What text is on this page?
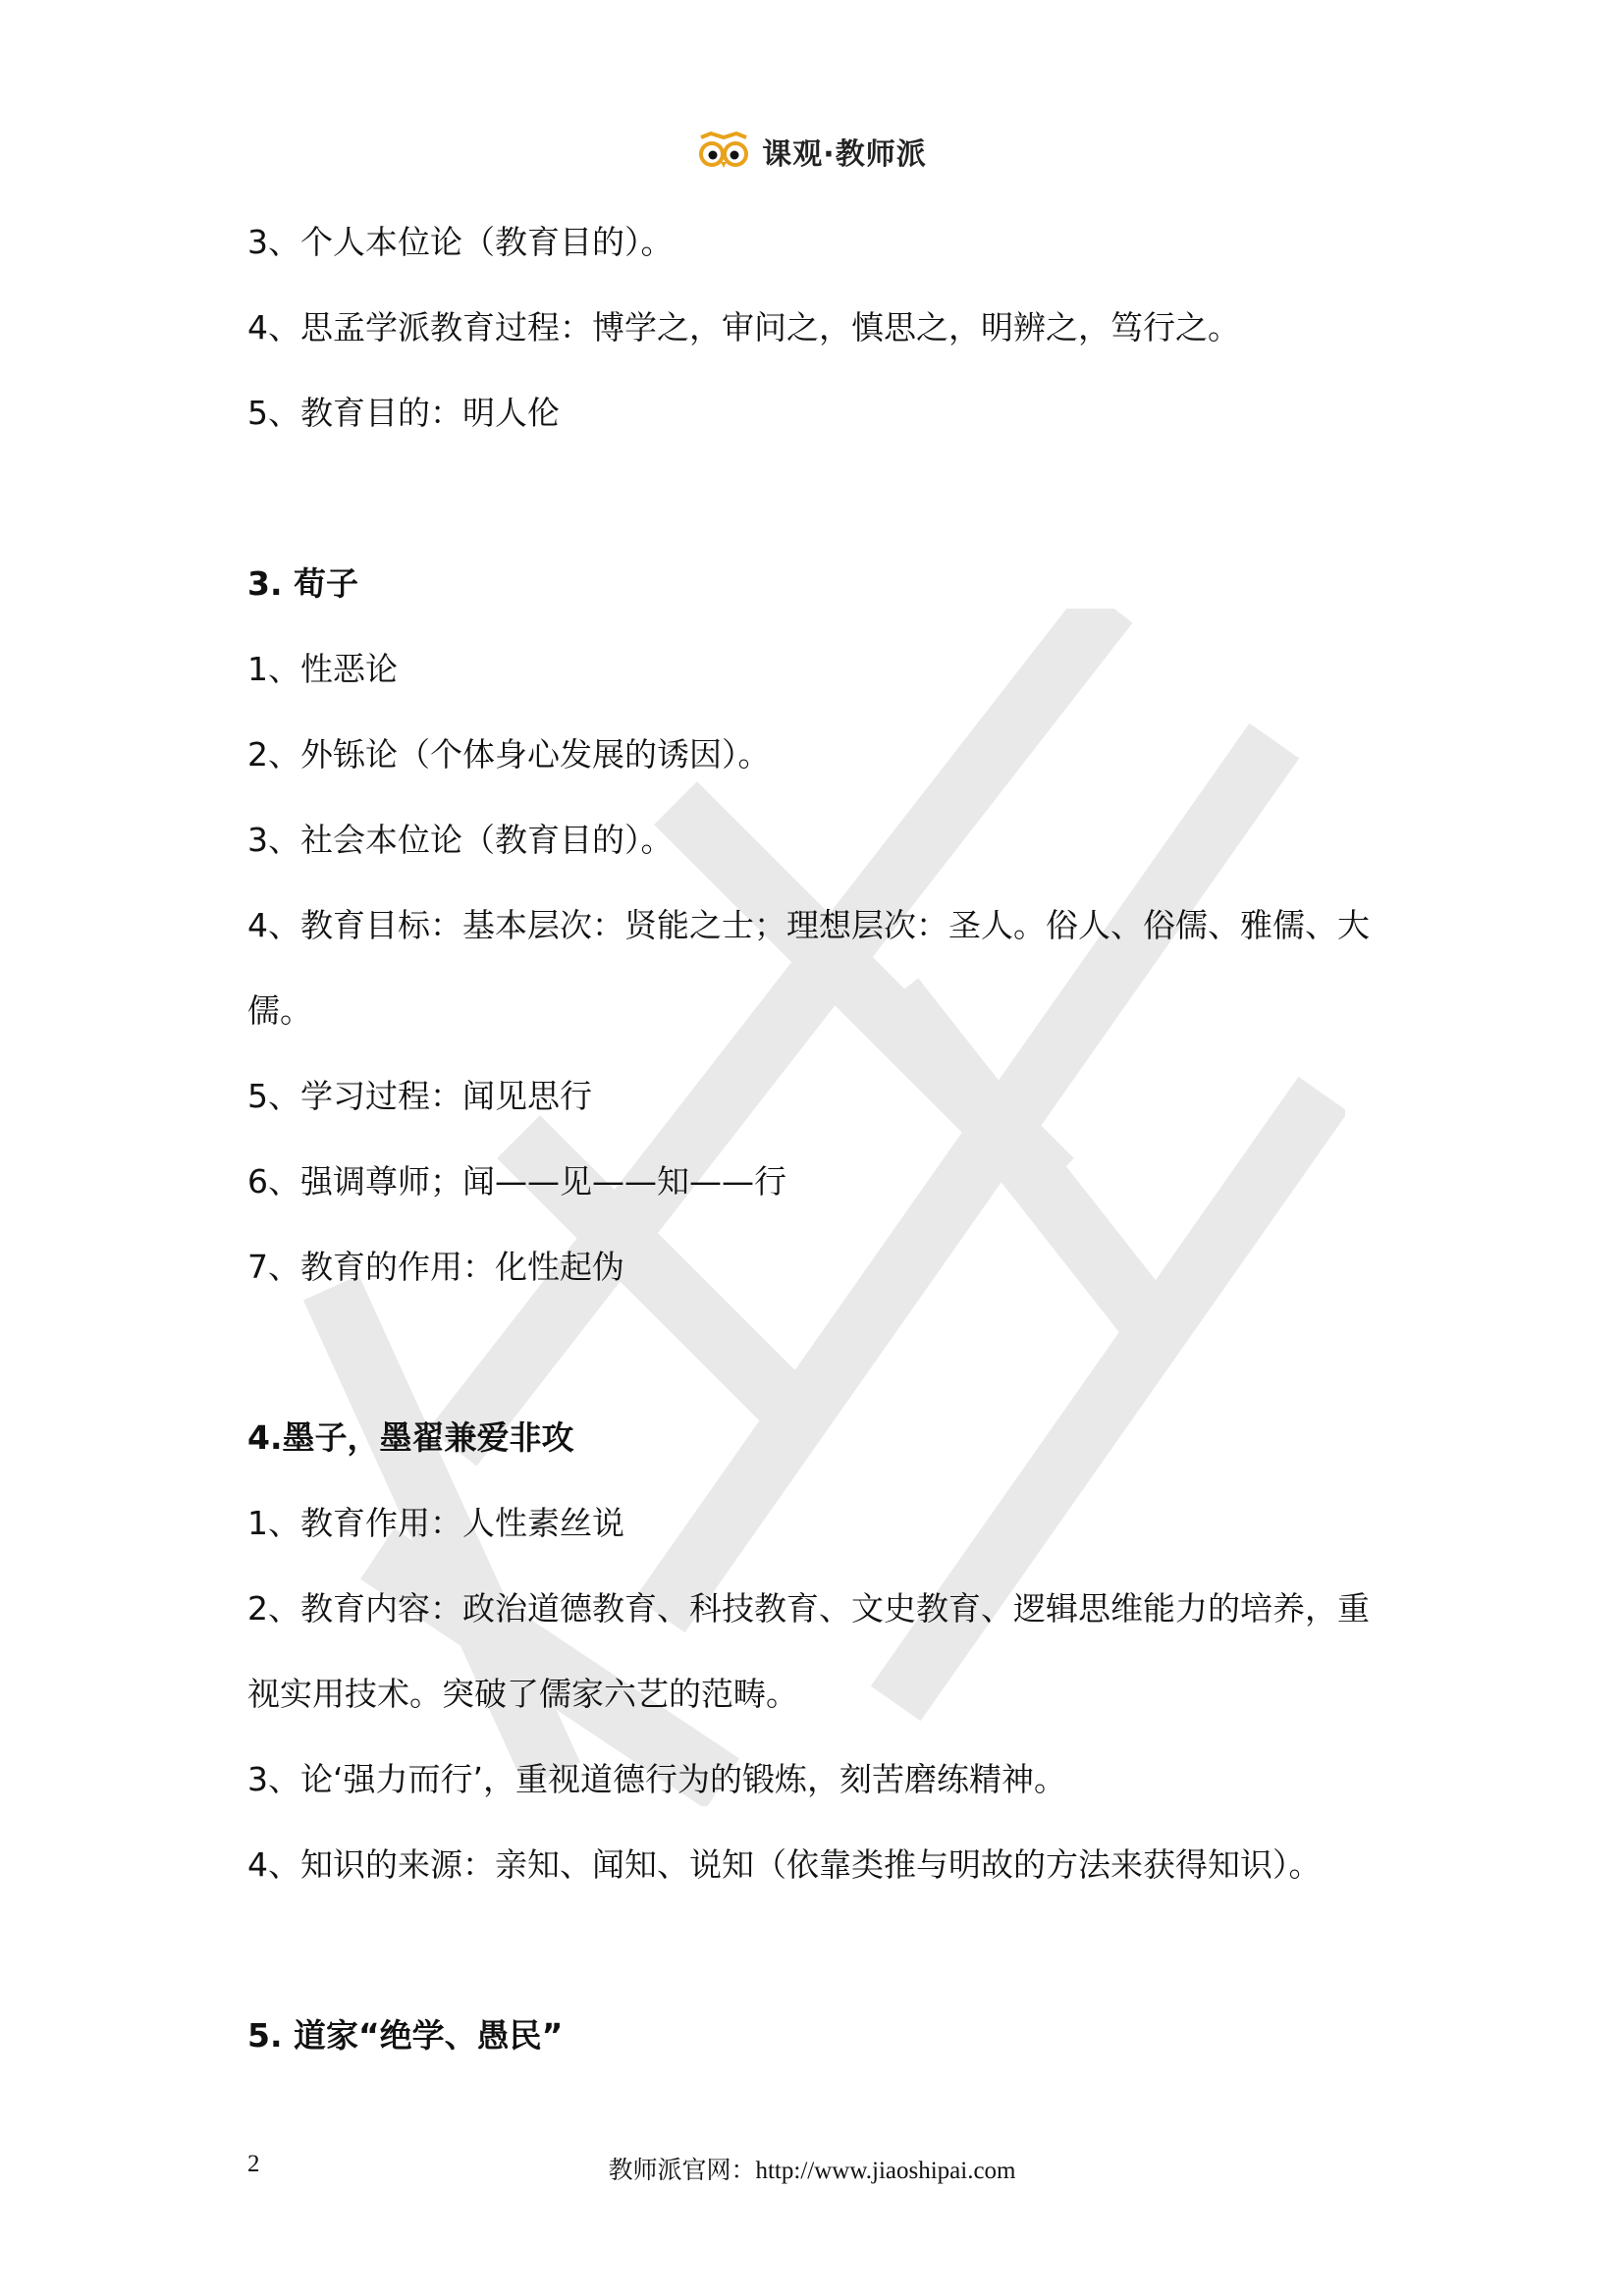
课观·教师派
3、个人本位论（教育目的）。
4、思孟学派教育过程：博学之，审问之，慎思之，明辨之，笃行之。
5、教育目的：明人伦
3. 荀子
1、性恶论
2、外铄论（个体身心发展的诱因）。
3、社会本位论（教育目的）。
4、教育目标：基本层次：贤能之士；理想层次：圣人。俗人、俗儒、雅儒、大
儒。
5、学习过程：闻见思行
6、强调尊师；闻——见——知——行
7、教育的作用：化性起伪
4.墨子，墨翟兼爱非攻
1、教育作用：人性素丝说
2、教育内容：政治道德教育、科技教育、文史教育、逻辑思维能力的培养，重
视实用技术。突破了儒家六艺的范畴。
3、论‘强力而行’，重视道德行为的锻炼，刻苦磨练精神。
4、知识的来源：亲知、闻知、说知（依靠类推与明故的方法来获得知识）。
5. 道家“绝学、愚民”
2	教师派官网：http://www.jiaoshipai.com
